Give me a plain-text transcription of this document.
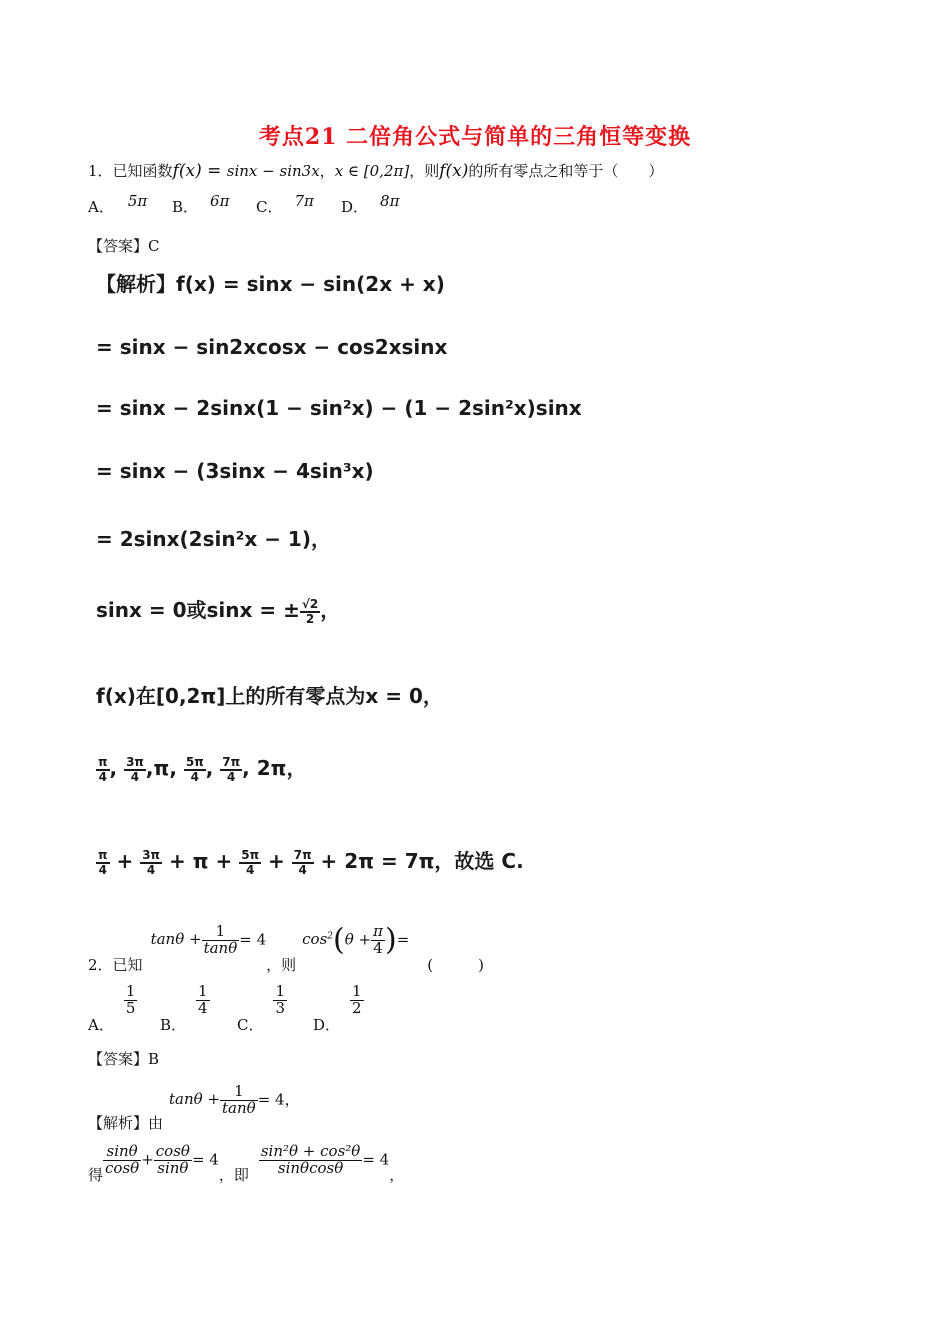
考点21 二倍角公式与简单的三角恒等变换
1．已知函数f(x) = sinx − sin3x，x ∈ [0,2π]，则f(x)的所有零点之和等于（　　）
A． 5π B． 6π C． 7π D． 8π
【答案】C
【解析】f(x) = sinx − sin(2x + x)
= sinx − sin2xcosx − cos2xsinx
= sinx − 2sinx(1 − sin²x) − (1 − 2sin²x)sinx
= sinx − (3sinx − 4sin³x)
= 2sinx(2sin²x − 1)，
sinx = 0或sinx = ± $\frac{√2}{2}$ ，
f(x)在[0,2π]上的所有零点为x = 0，
$\frac{\pi}{4}$ , $\frac{3\pi}{4} ,\pi$, $\frac{5\pi}{4}$ , $\frac{7\pi}{4}$ , 2π，
$\frac{\pi}{4} + \frac{3\pi}{4} + \pi + \frac{5\pi}{4} + \frac{7\pi}{4} + 2\pi = 7\pi$，故选 C.
2．已知$\tan\theta + \frac{1}{\tan\theta} = 4$，则$\cos^2(\theta + \frac{\pi}{4}$ )=(　　　)
A．
$\frac{1}{5}$
B．
$\frac{1}{4}$
C．
$\frac{1}{3}$
D．
$\frac{1}{2}$
【答案】B
【解析】由$\tan\theta + \frac{1}{\tan\theta} = 4$，
得 $\frac{\sin\theta}{\cos\theta} + \frac{\cos\theta}{\sin\theta} = 4$，即 $\frac{\text{sin²θ + cos²θ}}{\sin\theta\cos\theta} = 4$，
